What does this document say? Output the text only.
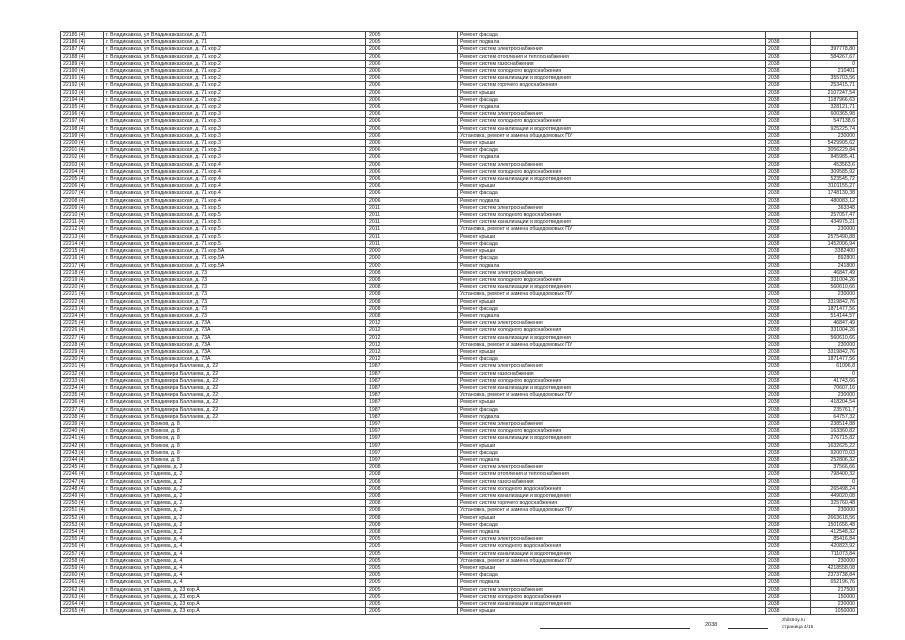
22185 (4)	г. Владикавказ, ул Владикавказская, д. 71	2005	Ремонт фасада		
22186 (4)	г. Владикавказ, ул Владикавказская, д. 71	2005	Ремонт подвала	2038	
22187 (4)	г. Владикавказ, ул Владикавказская, д. 71 кор.2	2006	Ремонт систем электроснабжения	2038	397778,80
22188 (4)	г. Владикавказ, ул Владикавказская, д. 71 кор.2	2006	Ремонт систем отопления и теплоснабжения	2038	584267,67
22189 (4)	г. Владикавказ, ул Владикавказская, д. 71 кор.2	2006	Ремонт систем газоснабжения	2038	0
22190 (4)	г. Владикавказ, ул Владикавказская, д. 71 кор.2	2006	Ремонт систем холодного водоснабжения	2038	210401
22191 (4)	г. Владикавказ, ул Владикавказская, д. 71 кор.2	2006	Ремонт систем канализации и водоотведения	2038	355703,56
22192 (4)	г. Владикавказ, ул Владикавказская, д. 71 кор.2	2006	Ремонт систем горячего водоснабжения	2038	253415,71
22193 (4)	г. Владикавказ, ул Владикавказская, д. 71 кор.2	2006	Ремонт крыши	2038	2107247,54
22194 (4)	г. Владикавказ, ул Владикавказская, д. 71 кор.2	2006	Ремонт фасада	2038	1187966,63
22195 (4)	г. Владикавказ, ул Владикавказская, д. 71 кор.2	2006	Ремонт подвала	2038	328121,71
22196 (4)	г. Владикавказ, ул Владикавказская, д. 71 кор.3	2006	Ремонт систем электроснабжения	2038	600365,98
22197 (4)	г. Владикавказ, ул Владикавказская, д. 71 кор.3	2006	Ремонт систем холодного водоснабжения	2038	547138,6
22198 (4)	г. Владикавказ, ул Владикавказская, д. 71 кор.3	2006	Ремонт систем канализации и водоотведения	2038	925225,74
22199 (4)	г. Владикавказ, ул Владикавказская, д. 71 кор.3	2006	Установка, ремонт и замена общедомовых ПУ	2038	230000
22200 (4)	г. Владикавказ, ул Владикавказская, д. 71 кор.3	2006	Ремонт крыши	2038	5429905,62
22201 (4)	г. Владикавказ, ул Владикавказская, д. 71 кор.3	2006	Ремонт фасада	2038	3056229,84
22202 (4)	г. Владикавказ, ул Владикавказская, д. 71 кор.3	2006	Ремонт подвала	2038	845985,41
22203 (4)	г. Владикавказ, ул Владикавказская, д. 71 кор.4	2006	Ремонт систем электроснабжения	2038	453563,6
22204 (4)	г. Владикавказ, ул Владикавказская, д. 71 кор.4	2006	Ремонт систем холодного водоснабжения	2038	309585,92
22205 (4)	г. Владикавказ, ул Владикавказская, д. 71 кор.4	2006	Ремонт систем канализации и водоотведения	2038	523545,72
22206 (4)	г. Владикавказ, ул Владикавказская, д. 71 кор.4	2006	Ремонт крыши	2038	3101155,27
22207 (4)	г. Владикавказ, ул Владикавказская, д. 71 кор.4	2006	Ремонт фасада	2038	1748130,38
22208 (4)	г. Владикавказ, ул Владикавказская, д. 71 кор.4	2006	Ремонт подвала	2038	480083,12
22209 (4)	г. Владикавказ, ул Владикавказская, д. 71 кор.5	2011	Ремонт систем электроснабжения	2038	363348
22210 (4)	г. Владикавказ, ул Владикавказская, д. 71 кор.5	2011	Ремонт систем холодного водоснабжения	2038	257057,47
22211 (4)	г. Владикавказ, ул Владикавказская, д. 71 кор.5	2011	Ремонт систем канализации и водоотведения	2038	434975,21
22212 (4)	г. Владикавказ, ул Владикавказская, д. 71 кор.5	2011	Установка, ремонт и замена общедомовых ПУ	2038	230000
22213 (4)	г. Владикавказ, ул Владикавказская, д. 71 кор.5	2011	Ремонт крыши	2038	2575490,88
22214 (4)	г. Владикавказ, ул Владикавказская, д. 71 кор.5	2011	Ремонт фасада	2038	1452006,94
22215 (4)	г. Владикавказ, ул Владикавказская, д. 71 кор.5А	2000	Ремонт крыши	2038	3382400
22216 (4)	г. Владикавказ, ул Владикавказская, д. 71 кор.5А	2000	Ремонт фасада	2038	892800
22217 (4)	г. Владикавказ, ул Владикавказская, д. 71 кор.5А	2000	Ремонт подвала	2038	241800
22218 (4)	г. Владикавказ, ул Владикавказская, д. 73	2008	Ремонт систем электроснабжения	2038	46847,49
22219 (4)	г. Владикавказ, ул Владикавказская, д. 73	2008	Ремонт систем холодного водоснабжения	2038	331004,26
22220 (4)	г. Владикавказ, ул Владикавказская, д. 73	2008	Ремонт систем канализации и водоотведения	2038	560610,66
22221 (4)	г. Владикавказ, ул Владикавказская, д. 73	2008	Установка, ремонт и замена общедомовых ПУ	2038	230000
22222 (4)	г. Владикавказ, ул Владикавказская, д. 73	2008	Ремонт крыши	2038	3319842,76
22223 (4)	г. Владикавказ, ул Владикавказская, д. 73	2008	Ремонт фасада	2038	1871477,56
22224 (4)	г. Владикавказ, ул Владикавказская, д. 73	2008	Ремонт подвала	2038	514144,57
22225 (4)	г. Владикавказ, ул Владикавказская, д. 73А	2012	Ремонт систем электроснабжения	2038	46847,49
22226 (4)	г. Владикавказ, ул Владикавказская, д. 73А	2012	Ремонт систем холодного водоснабжения	2038	331004,26
22227 (4)	г. Владикавказ, ул Владикавказская, д. 73А	2012	Ремонт систем канализации и водоотведения	2038	560610,66
22228 (4)	г. Владикавказ, ул Владикавказская, д. 73А	2012	Установка, ремонт и замена общедомовых ПУ	2038	230000
22229 (4)	г. Владикавказ, ул Владикавказская, д. 73А	2012	Ремонт крыши	2038	3319842,76
22230 (4)	г. Владикавказ, ул Владикавказская, д. 73А	2012	Ремонт фасада	2038	1871477,56
22231 (4)	г. Владикавказ, ул Владимира Баллаева, д. 22	1987	Ремонт систем электроснабжения	2038	61096,8
22232 (4)	г. Владикавказ, ул Владимира Баллаева, д. 22	1987	Ремонт систем газоснабжения	2038	0
22233 (4)	г. Владикавказ, ул Владимира Баллаева, д. 22	1987	Ремонт систем холодного водоснабжения	2038	41743,66
22234 (4)	г. Владикавказ, ул Владимира Баллаева, д. 22	1987	Ремонт систем канализации и водоотведения	2038	70607,16
22235 (4)	г. Владикавказ, ул Владимира Баллаева, д. 22	1987	Установка, ремонт и замена общедомовых ПУ	2038	230000
22236 (4)	г. Владикавказ, ул Владимира Баллаева, д. 22	1987	Ремонт крыши	2038	418204,54
22237 (4)	г. Владикавказ, ул Владимира Баллаева, д. 22	1987	Ремонт фасада	2038	235761,7
22238 (4)	г. Владикавказ, ул Владимира Баллаева, д. 22	1987	Ремонт подвала	2038	64757,32
22239 (4)	г. Владикавказ, ул Воиков, д. 8	1997	Ремонт систем электроснабжения	2038	238514,88
22240 (4)	г. Владикавказ, ул Воиков, д. 8	1997	Ремонт систем холодного водоснабжения	2038	163360,82
22241 (4)	г. Владикавказ, ул Воиков, д. 8	1997	Ремонт систем канализации и водоотведения	2038	276715,82
22242 (4)	г. Владикавказ, ул Воиков, д. 8	1997	Ремонт крыши	2038	1632625,22
22243 (4)	г. Владикавказ, ул Воиков, д. 8	1997	Ремонт фасада	2038	920070,03
22244 (4)	г. Владикавказ, ул Воиков, д. 8	1997	Ремонт подвала	2038	252806,32
22245 (4)	г. Владикавказ, ул Гадиева, д. 2	2008	Ремонт систем электроснабжения	2038	37566,66
22246 (4)	г. Владикавказ, ул Гадиева, д. 2	2008	Ремонт систем отопления и теплоснабжения	2038	798400,32
22247 (4)	г. Владикавказ, ул Гадиева, д. 2	2008	Ремонт систем газоснабжения	2038	0
22248 (4)	г. Владикавказ, ул Гадиева, д. 2	2008	Ремонт систем холодного водоснабжения	2038	265498,24
22249 (4)	г. Владикавказ, ул Гадиева, д. 2	2008	Ремонт систем канализации и водоотведения	2038	449020,08
22250 (4)	г. Владикавказ, ул Гадиева, д. 2	2008	Ремонт систем горячего водоснабжения	2038	325760,48
22251 (4)	г. Владикавказ, ул Гадиева, д. 2	2008	Установка, ремонт и замена общедомовых ПУ	2038	230000
22252 (4)	г. Владикавказ, ул Гадиева, д. 2	2008	Ремонт крыши	2038	2663618,56
22253 (4)	г. Владикавказ, ул Гадиева, д. 2	2008	Ремонт фасада	2038	1501656,48
22254 (4)	г. Владикавказ, ул Гадиева, д. 2	2008	Ремонт подвала	2038	412548,32
22255 (4)	г. Владикавказ, ул Гадиева, д. 4	2005	Ремонт систем электроснабжения	2038	85416,84
22256 (4)	г. Владикавказ, ул Гадиева, д. 4	2005	Ремонт систем холодного водоснабжения	2038	420823,92
22257 (4)	г. Владикавказ, ул Гадиева, д. 4	2005	Ремонт систем канализации и водоотведения	2038	711073,84
22258 (4)	г. Владикавказ, ул Гадиева, д. 4	2005	Установка, ремонт и замена общедомовых ПУ	2038	230000
22259 (4)	г. Владикавказ, ул Гадиева, д. 4	2005	Ремонт крыши	2038	4218558,08
22260 (4)	г. Владикавказ, ул Гадиева, д. 4	2005	Ремонт фасада	2038	2373738,84
22261 (4)	г. Владикавказ, ул Гадиева, д. 4	2005	Ремонт подвала	2038	652196,76
22262 (4)	г. Владикавказ, ул Гадиева, д. 23 кор.А	2005	Ремонт систем электроснабжения	2038	217500
22263 (4)	г. Владикавказ, ул Гадиева, д. 23 кор.А	2005	Ремонт систем холодного водоснабжения	2038	150000
22264 (4)	г. Владикавказ, ул Гадиева, д. 23 кор.А	2005	Ремонт систем канализации и водоотведения	2038	230000
22265 (4)	г. Владикавказ, ул Гадиева, д. 23 кор.А	2005	Ремонт крыши	2038	1050000
2038
zhilstroy.ru
страница 4/16
